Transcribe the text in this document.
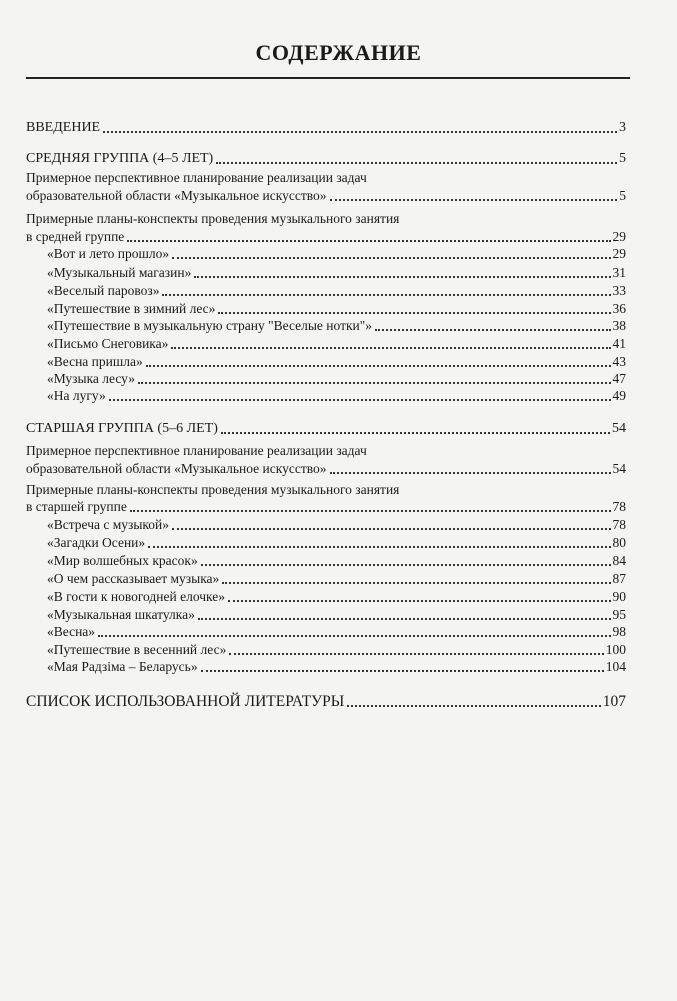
СОДЕРЖАНИЕ
ВВЕДЕНИЕ	3
СРЕДНЯЯ ГРУППА (4–5 ЛЕТ)	5
Примерное перспективное планирование реализации задач
образовательной области «Музыкальное искусство»	5
Примерные планы-конспекты проведения музыкального занятия
в средней группе	29
«Вот и лето прошло»	29
«Музыкальный магазин»	31
«Веселый паровоз»	33
«Путешествие в зимний лес»	36
«Путешествие в музыкальную страну "Веселые нотки"»	38
«Письмо Снеговика»	41
«Весна пришла»	43
«Музыка лесу»	47
«На лугу»	49
СТАРШАЯ ГРУППА (5–6 ЛЕТ)	54
Примерное перспективное планирование реализации задач
образовательной области «Музыкальное искусство»	54
Примерные планы-конспекты проведения музыкального занятия
в старшей группе	78
«Встреча с музыкой»	78
«Загадки Осени»	80
«Мир волшебных красок»	84
«О чем рассказывает музыка»	87
«В гости к новогодней елочке»	90
«Музыкальная шкатулка»	95
«Весна»	98
«Путешествие в весенний лес»	100
«Мая Радзіма – Беларусь»	104
СПИСОК ИСПОЛЬЗОВАННОЙ ЛИТЕРАТУРЫ	107
